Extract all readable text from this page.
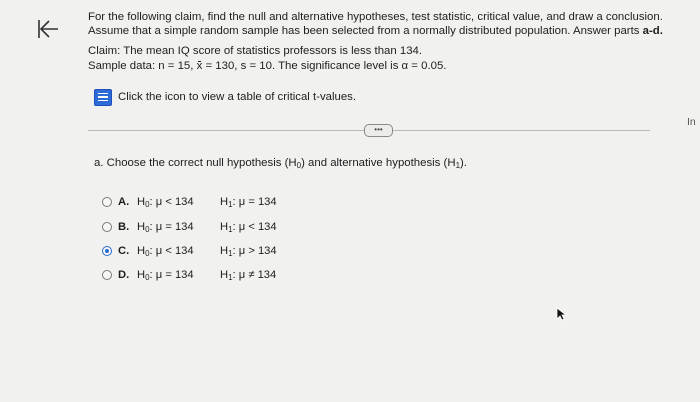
For the following claim, find the null and alternative hypotheses, test statistic, critical value, and draw a conclusion.
Assume that a simple random sample has been selected from a normally distributed population. Answer parts a-d.
Claim: The mean IQ score of statistics professors is less than 134.
Sample data: n = 15, x = 130, s = 10. The significance level is α = 0.05.
Click the icon to view a table of critical t-values.
•••
In
a. Choose the correct null hypothesis $(H_0)$ and alternative hypothesis $(H_1)$.
A. $H_0$: μ < 134 $H_1$: μ = 134
B. $H_0$: μ = 134 $H_1$: μ < 134
C. $H_0$: μ < 134 $H_1$: μ > 134
D. $H_0$: μ = 134 $H_1$: μ ≠ 134
